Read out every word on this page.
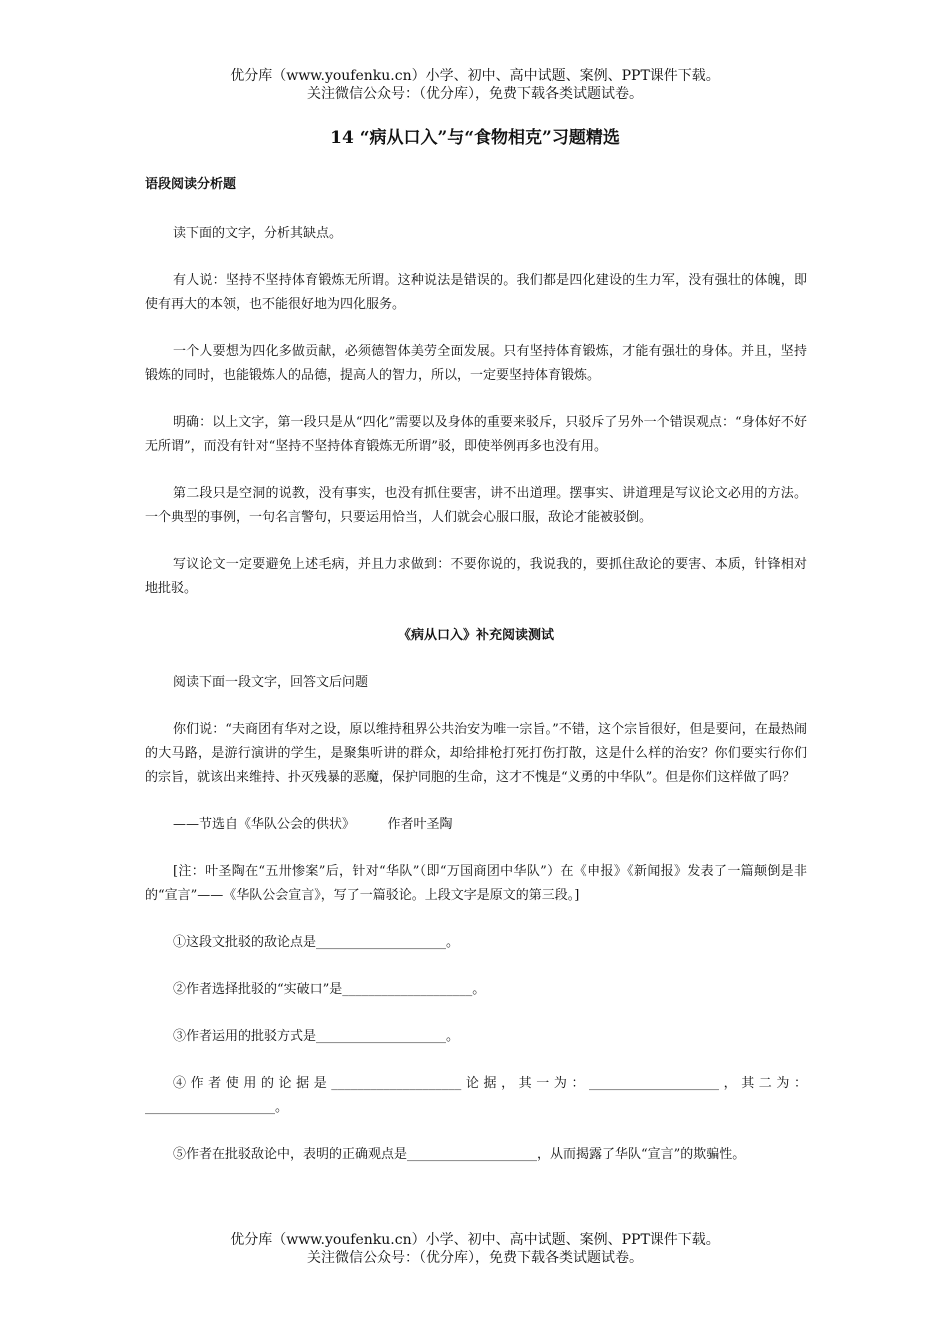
优分库（www.youfenku.cn）小学、初中、高中试题、案例、PPT课件下载。
关注微信公众号：（优分库），免费下载各类试题试卷。
14 “病从口入”与“食物相克”习题精选
语段阅读分析题

读下面的文字，分析其缺点。

有人说：坚持不坚持体育锻炼无所谓。这种说法是错误的。我们都是四化建设的生力军，没有强壮的体魄，即使有再大的本领，也不能很好地为四化服务。

一个人要想为四化多做贡献，必须德智体美劳全面发展。只有坚持体育锻炼，才能有强壮的身体。并且，坚持锻炼的同时，也能锻炼人的品德，提高人的智力，所以，一定要坚持体育锻炼。

明确：以上文字，第一段只是从“四化”需要以及身体的重要来驳斥，只驳斥了另外一个错误观点：“身体好不好无所谓”，而没有针对“坚持不坚持体育锻炼无所谓”驳，即使举例再多也没有用。

第二段只是空洞的说教，没有事实，也没有抓住要害，讲不出道理。摆事实、讲道理是写议论文必用的方法。一个典型的事例，一句名言警句，只要运用恰当，人们就会心服口服，敌论才能被驳倒。

写议论文一定要避免上述毛病，并且力求做到：不要你说的，我说我的，要抓住敌论的要害、本质，针锋相对地批驳。

《病从口入》补充阅读测试

阅读下面一段文字，回答文后问题

你们说：“夫商团有华对之设，原以维持租界公共治安为唯一宗旨。”不错，这个宗旨很好，但是要问，在最热闹的大马路，是游行演讲的学生，是聚集听讲的群众，却给排枪打死打伤打散，这是什么样的治安？你们要实行你们的宗旨，就该出来维持、扑灭残暴的恶魔，保护同胞的生命，这才不愧是“义勇的中华队”。但是你们这样做了吗？

——节选自《华队公会的供状》　　　作者叶圣陶

[注：叶圣陶在“五卅惨案”后，针对“华队”（即“万国商团中华队”）在《申报》《新闻报》发表了一篇颠倒是非的“宣言”——《华队公会宣言》，写了一篇驳论。上段文字是原文的第三段。]

①这段文批驳的敌论点是____________________。

②作者选择批驳的“实破口”是____________________。

③作者运用的批驳方式是____________________。

④作者使用的论据是____________________论据，其一为：____________________，其二为：____________________。

⑤作者在批驳敌论中，表明的正确观点是____________________，从而揭露了华队“宣言”的欺骗性。

优分库（www.youfenku.cn）小学、初中、高中试题、案例、PPT课件下载。
关注微信公众号：（优分库），免费下载各类试题试卷。
